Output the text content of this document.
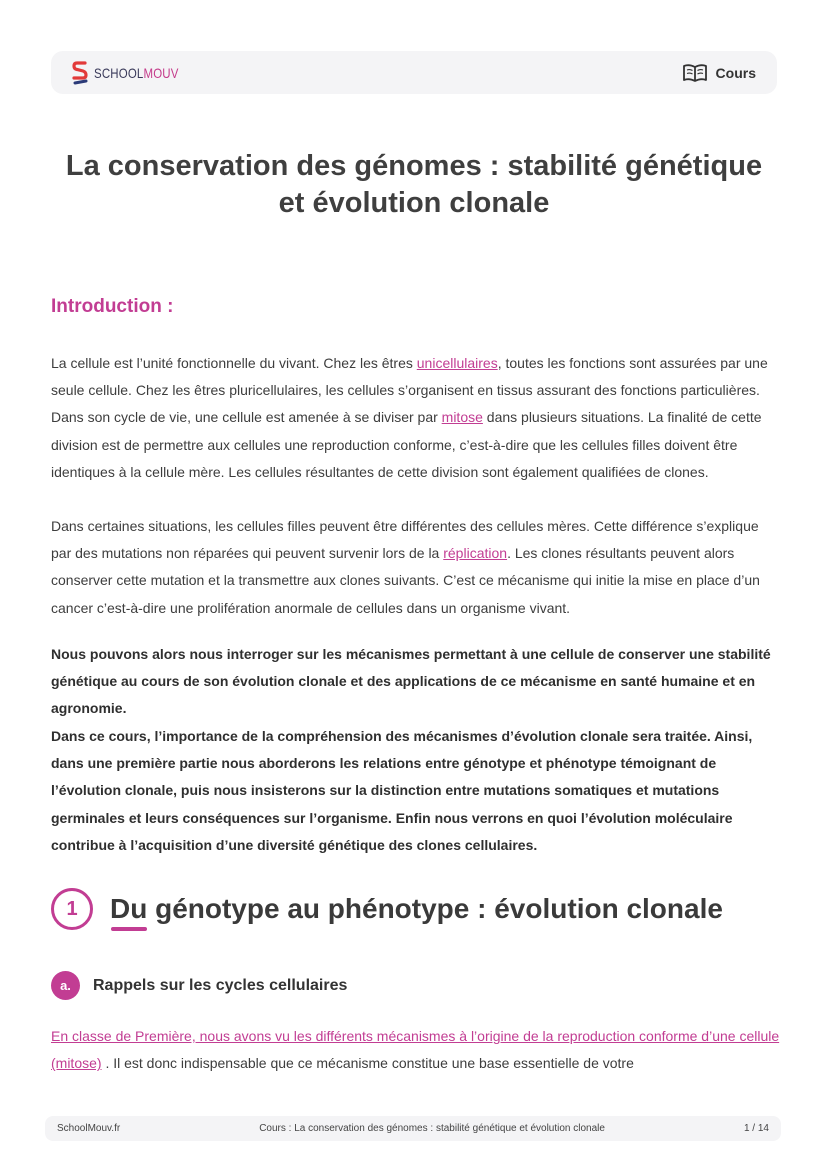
SCHOOLMOUV	Cours
La conservation des génomes : stabilité génétique et évolution clonale
Introduction :

La cellule est l’unité fonctionnelle du vivant. Chez les êtres unicellulaires, toutes les fonctions sont assurées par une seule cellule. Chez les êtres pluricellulaires, les cellules s’organisent en tissus assurant des fonctions particulières. Dans son cycle de vie, une cellule est amenée à se diviser par mitose dans plusieurs situations. La finalité de cette division est de permettre aux cellules une reproduction conforme, c’est-à-dire que les cellules filles doivent être identiques à la cellule mère. Les cellules résultantes de cette division sont également qualifiées de clones.

Dans certaines situations, les cellules filles peuvent être différentes des cellules mères. Cette différence s’explique par des mutations non réparées qui peuvent survenir lors de la réplication. Les clones résultants peuvent alors conserver cette mutation et la transmettre aux clones suivants. C’est ce mécanisme qui initie la mise en place d’un cancer c’est-à-dire une prolifération anormale de cellules dans un organisme vivant.

Nous pouvons alors nous interroger sur les mécanismes permettant à une cellule de conserver une stabilité génétique au cours de son évolution clonale et des applications de ce mécanisme en santé humaine et en agronomie.

Dans ce cours, l’importance de la compréhension des mécanismes d’évolution clonale sera traitée. Ainsi, dans une première partie nous aborderons les relations entre génotype et phénotype témoignant de l’évolution clonale, puis nous insisterons sur la distinction entre mutations somatiques et mutations germinales et leurs conséquences sur l’organisme. Enfin nous verrons en quoi l’évolution moléculaire contribue à l’acquisition d’une diversité génétique des clones cellulaires.

1	Du génotype au phénotype : évolution clonale
a.	Rappels sur les cycles cellulaires

En classe de Première, nous avons vu les différents mécanismes à l’origine de la reproduction conforme d’une cellule (mitose) . Il est donc indispensable que ce mécanisme constitue une base essentielle de votre

SchoolMouv.fr	Cours : La conservation des génomes : stabilité génétique et évolution clonale	1 / 14
